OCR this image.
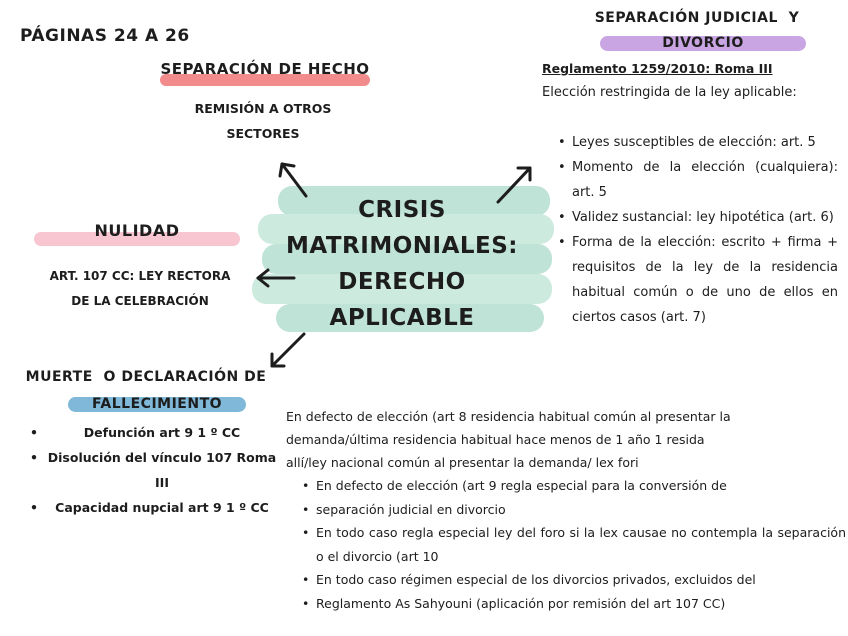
PÁGINAS 24 A 26
CRISIS
MATRIMONIALES:
DERECHO
APLICABLE
SEPARACIÓN DE HECHO
REMISIÓN A OTROS
SECTORES
NULIDAD
ART. 107 CC: LEY RECTORA
DE LA CELEBRACIÓN
MUERTE  O DECLARACIÓN DE
FALLECIMIENTO
• Defunción art 9 1 º CC
• Disolución del vínculo 107 Roma III
• Capacidad nupcial art 9 1 º CC
SEPARACIÓN JUDICIAL  Y
DIVORCIO
Reglamento 1259/2010: Roma III
Elección restringida de la ley aplicable:
• Leyes susceptibles de elección: art. 5
• Momento de la elección (cualquiera): art. 5
• Validez sustancial: ley hipotética (art. 6)
• Forma de la elección: escrito + firma + requisitos de la ley de la residencia habitual común o de uno de ellos en ciertos casos (art. 7)
En defecto de elección (art 8 residencia habitual común al presentar la
demanda/última residencia habitual hace menos de 1 año 1 resida
allí/ley nacional común al presentar la demanda/ lex fori
• En defecto de elección (art 9 regla especial para la conversión de
• separación judicial en divorcio
• En todo caso regla especial ley del foro si la lex causae no contempla la separación o el divorcio (art 10
• En todo caso régimen especial de los divorcios privados, excluidos del
• Reglamento As Sahyouni (aplicación por remisión del art 107 CC)
